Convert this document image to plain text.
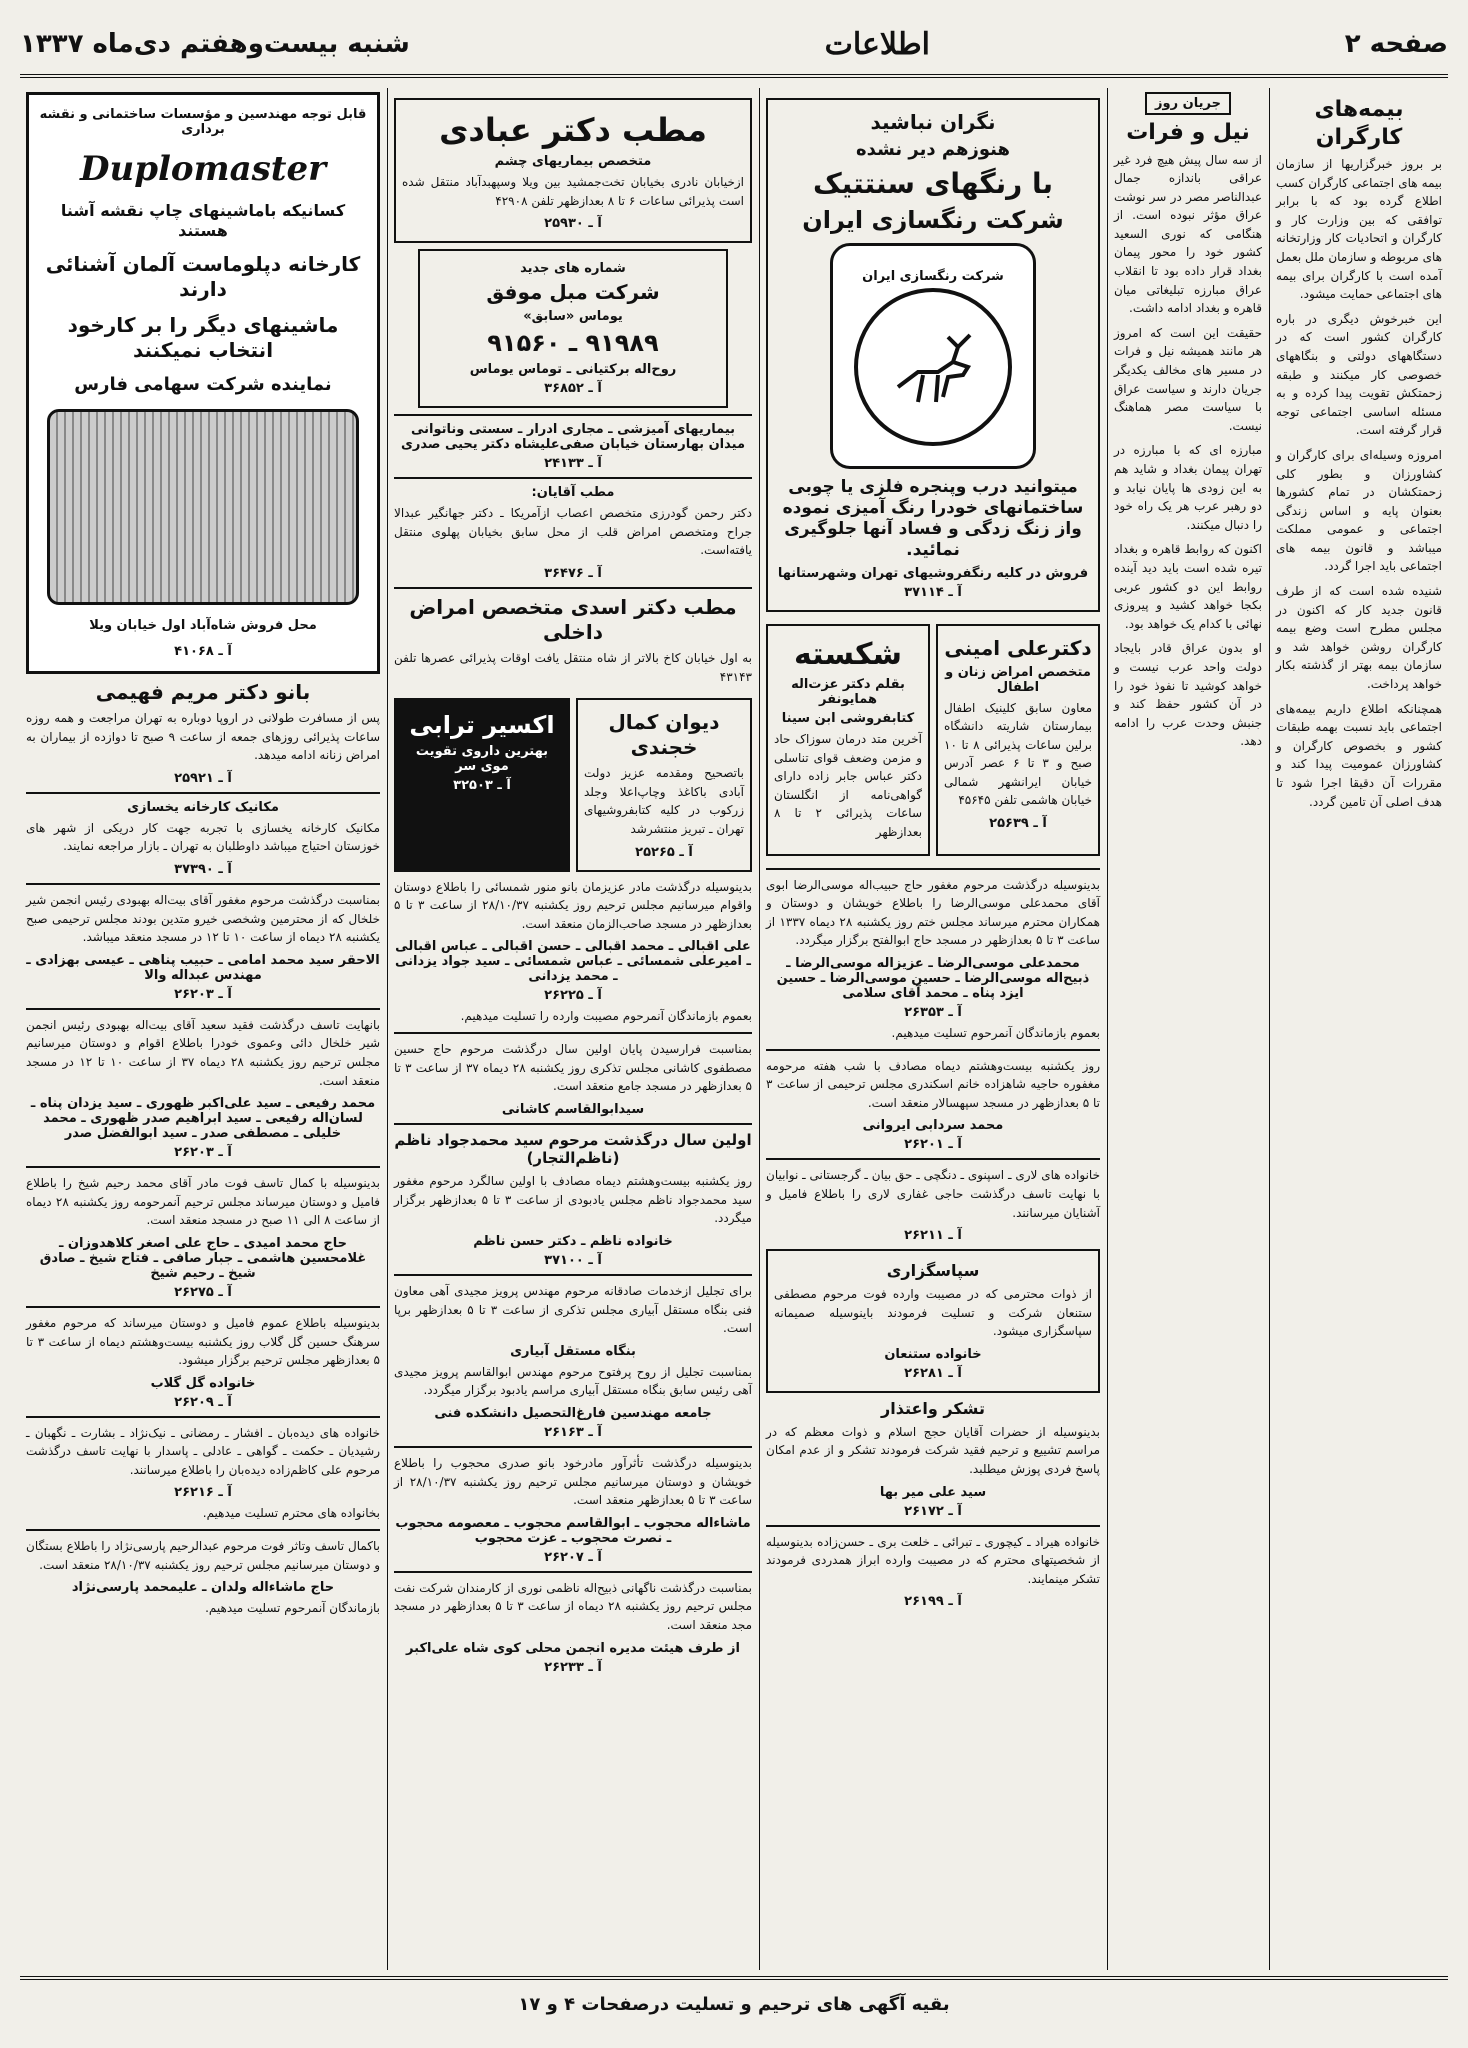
صفحه ۲
اطلاعات
شنبه بیست‌وهفتم دی‌ماه ۱۳۳۷
بیمه‌های کارگران

بر بروز خبرگزاریها از سازمان بیمه های اجتماعی کارگران کسب اطلاع گرده بود که با برابر توافقی که بین وزارت کار و کارگران و اتحادیات کار وزارتخانه های مربوطه و سازمان ملل بعمل آمده است با کارگران برای بیمه های اجتماعی حمایت میشود.

این خبرخوش دیگری در باره کارگران کشور است که در دستگاههای دولتی و بنگاههای خصوصی کار میکنند و طبقه زحمتکش تقویت پیدا کرده و به مسئله اساسی اجتماعی توجه قرار گرفته است.

امروزه وسیله‌ای برای کارگران و کشاورزان و بطور کلی زحمتکشان در تمام کشورها بعنوان پایه و اساس زندگی اجتماعی و عمومی مملکت میباشد و قانون بیمه های اجتماعی باید اجرا گردد.

شنیده شده است که از طرف قانون جدید کار که اکنون در مجلس مطرح است وضع بیمه کارگران روشن خواهد شد و سازمان بیمه بهتر از گذشته بکار خواهد پرداخت.

همچنانکه اطلاع داریم بیمه‌های اجتماعی باید نسبت بهمه طبقات کشور و بخصوص کارگران و کشاورزان عمومیت پیدا کند و مقررات آن دقیقا اجرا شود تا هدف اصلی آن تامین گردد.

جریان روز
نیل و فرات

از سه سال پیش هیچ فرد غیر عراقی باندازه جمال عبدالناصر مصر در سر نوشت عراق مؤثر نبوده است. از هنگامی که نوری السعید کشور خود را محور پیمان بغداد قرار داده بود تا انقلاب عراق مبارزه تبلیغاتی میان قاهره و بغداد ادامه داشت.

حقیقت این است که امروز هر مانند همیشه نیل و فرات در مسیر های مخالف یکدیگر جریان دارند و سیاست عراق با سیاست مصر هماهنگ نیست.

مبارزه ای که با مبارزه در تهران پیمان بغداد و شاید هم به این زودی ها پایان نیابد و دو رهبر عرب هر یک راه خود را دنبال میکنند.

اکنون که روابط قاهره و بغداد تیره شده است باید دید آینده روابط این دو کشور عربی بکجا خواهد کشید و پیروزی نهائی با کدام یک خواهد بود.

او بدون عراق قادر بایجاد دولت واحد عرب نیست و خواهد کوشید تا نفوذ خود را در آن کشور حفظ کند و جنبش وحدت عرب را ادامه دهد.

نگران نباشید
هنوزهم دیر نشده
با رنگهای سنتتیک
شرکت رنگسازی ایران
شرکت رنگسازی ایران
میتوانید درب وپنجره فلزی یا چوبی ساختمانهای خودرا رنگ آمیزی نموده واز زنگ زدگی و فساد آنها جلوگیری نمائید.
فروش در کلیه رنگفروشیهای تهران وشهرستانها
آ ـ ۳۷۱۱۴
دکترعلی امینی
متخصص امراض زنان و اطفال

معاون سابق کلینیک اطفال بیمارستان شاریته دانشگاه برلین ساعات پذیرائی ۸ تا ۱۰ صبح و ۳ تا ۶ عصر آدرس خیابان ایرانشهر شمالی خیابان هاشمی تلفن ۴۵۶۴۵

آ ـ ۲۵۶۳۹
شکسته
بقلم دکتر عزت‌اله همایونفر
کتابفروشی ابن سینا

آخرین متد درمان سوزاک حاد و مزمن وضعف قوای تناسلی دکتر عباس جابر زاده دارای گواهی‌نامه از انگلستان ساعات پذیرائی ۲ تا ۸ بعدازظهر

بدینوسیله درگذشت مرحوم مغفور حاج حبیب‌اله موسی‌الرضا ابوی آقای محمدعلی موسی‌الرضا را باطلاع خویشان و دوستان و همکاران محترم میرساند مجلس ختم روز یکشنبه ۲۸ دیماه ۱۳۳۷ از ساعت ۳ تا ۵ بعدازظهر در مسجد حاج ابوالفتح برگزار میگردد.

محمدعلی موسی‌الرضا ـ عزیزاله موسی‌الرضا ـ ذبیح‌اله موسی‌الرضا ـ حسین موسی‌الرضا ـ حسین ایزد پناه ـ محمد آقای سلامی
آ ـ ۲۶۳۵۳

بعموم بازماندگان آنمرحوم تسلیت میدهیم.

روز یکشنبه بیست‌وهشتم دیماه مصادف با شب هفته مرحومه مغفوره حاجیه شاهزاده خانم اسکندری مجلس ترحیمی از ساعت ۳ تا ۵ بعدازظهر در مسجد سپهسالار منعقد است.

محمد سردابی ایروانی
آ ـ ۲۶۲۰۱

خانواده های لاری ـ اسپنوی ـ دنگچی ـ حق بیان ـ گرجستانی ـ نوابیان با نهایت تاسف درگذشت حاجی غفاری لاری را باطلاع فامیل و آشنایان میرسانند.

آ ـ ۲۶۲۱۱
سپاسگزاری

از ذوات محترمی که در مصیبت وارده فوت مرحوم مصطفی ستنعان شرکت و تسلیت فرمودند باینوسیله صمیمانه سپاسگزاری میشود.

خانواده ستنعان
آ ـ ۲۶۲۸۱
تشکر واعتذار

بدینوسیله از حضرات آقایان حجج اسلام و ذوات معظم که در مراسم تشییع و ترحیم فقید شرکت فرمودند تشکر و از عدم امکان پاسخ فردی پوزش میطلبد.

سید علی میر بها
آ ـ ۲۶۱۷۲

خانواده هیراد ـ کیچوری ـ تبرائی ـ خلعت بری ـ حسن‌زاده بدینوسیله از شخصیتهای محترم که در مصیبت وارده ابراز همدردی فرمودند تشکر مینمایند.

آ ـ ۲۶۱۹۹
مطب دکتر عبادی
متخصص بیماریهای چشم

ازخیابان نادری بخیابان تخت‌جمشید بین ویلا وسپهبدآباد منتقل شده است پذیرائی ساعات ۶ تا ۸ بعدازظهر تلفن ۴۲۹۰۸

آ ـ ۲۵۹۳۰
شماره های جدید
شرکت مبل موفق
یوماس «سابق»
۹۱۹۸۹ ـ ۹۱۵۶۰
روح‌اله برکتیانی ـ توماس یوماس
آ ـ ۳۶۸۵۲
بیماریهای آمیزشی ـ مجاری ادرار ـ سستی وناتوانی میدان بهارستان خیابان صفی‌علیشاه دکتر یحیی صدری
آ ـ ۲۴۱۳۳
مطب آقایان:

دکتر رحمن گودرزی متخصص اعصاب ازآمریکا ـ دکتر جهانگیر عبدالا جراح ومتخصص امراض قلب از محل سابق بخیابان پهلوی منتقل یافته‌است.

آ ـ ۳۶۴۷۶
مطب دکتر اسدی متخصص امراض داخلی

به اول خیابان کاخ بالاتر از شاه منتقل یافت اوقات پذیرائی عصرها تلفن ۴۳۱۴۳

دیوان کمال خجندی

باتصحیح ومقدمه عزیز دولت آبادی باکاغذ وچاپ‌اعلا وجلد زرکوب در کلیه کتابفروشیهای تهران ـ تبریز منتشرشد

آ ـ ۲۵۲۶۵
اکسیر ترابی
بهترین داروی تقویت موی سر
آ ـ ۳۲۵۰۳

بدینوسیله درگذشت مادر عزیزمان بانو منور شمسائی را باطلاع دوستان واقوام میرسانیم مجلس ترحیم روز یکشنبه ۲۸/۱۰/۳۷ از ساعت ۳ تا ۵ بعدازظهر در مسجد صاحب‌الزمان منعقد است.

علی اقبالی ـ محمد اقبالی ـ حسن اقبالی ـ عباس اقبالی ـ امیرعلی شمسائی ـ عباس شمسائی ـ سید جواد یزدانی ـ محمد یزدانی
آ ـ ۲۶۲۲۵

بعموم بازماندگان آنمرحوم مصیبت وارده را تسلیت میدهیم.

بمناسبت فرارسیدن پایان اولین سال درگذشت مرحوم حاج حسین مصطفوی کاشانی مجلس تذکری روز یکشنبه ۲۸ دیماه ۳۷ از ساعت ۳ تا ۵ بعدازظهر در مسجد جامع منعقد است.

سیدابوالقاسم کاشانی
اولین سال درگذشت مرحوم سید محمدجواد ناظم (ناظم‌التجار)

روز یکشنبه بیست‌وهشتم دیماه مصادف با اولین سالگرد مرحوم مغفور سید محمدجواد ناظم مجلس یادبودی از ساعت ۳ تا ۵ بعدازظهر برگزار میگردد.

خانواده ناظم ـ دکتر حسن ناظم
آ ـ ۳۷۱۰۰

برای تجلیل ازخدمات صادقانه مرحوم مهندس پرویز مجیدی آهی معاون فنی بنگاه مستقل آبیاری مجلس تذکری از ساعت ۳ تا ۵ بعدازظهر برپا است.

بنگاه مستقل آبیاری

بمناسبت تجلیل از روح پرفتوح مرحوم مهندس ابوالقاسم پرویز مجیدی آهی رئیس سابق بنگاه مستقل آبیاری مراسم یادبود برگزار میگردد.

جامعه مهندسین فارغ‌التحصیل دانشکده فنی
آ ـ ۲۶۱۶۳

بدینوسیله درگذشت تأثرآور مادرخود بانو صدری محجوب را باطلاع خویشان و دوستان میرسانیم مجلس ترحیم روز یکشنبه ۲۸/۱۰/۳۷ از ساعت ۳ تا ۵ بعدازظهر منعقد است.

ماشاءاله محجوب ـ ابوالقاسم محجوب ـ معصومه محجوب ـ نصرت محجوب ـ عزت محجوب
آ ـ ۲۶۲۰۷

بمناسبت درگذشت ناگهانی ذبیح‌اله ناظمی نوری از کارمندان شرکت نفت مجلس ترحیم روز یکشنبه ۲۸ دیماه از ساعت ۳ تا ۵ بعدازظهر در مسجد مجد منعقد است.

از طرف هیئت مدیره انجمن محلی کوی شاه علی‌اکبر
آ ـ ۲۶۲۳۳
قابل توجه مهندسین و مؤسسات ساختمانی و نقشه برداری
Duplomaster
کسانیکه باماشینهای چاپ نقشه آشنا هستند
کارخانه دپلوماست آلمان آشنائی دارند
ماشینهای دیگر را بر کارخود انتخاب نمیکنند
نماینده شرکت سهامی فارس
محل فروش شاه‌آباد اول خیابان ویلا
آ ـ ۴۱۰۶۸
بانو دکتر مریم فهیمی

پس از مسافرت طولانی در اروپا دوباره به تهران مراجعت و همه روزه ساعات پذیرائی روزهای جمعه از ساعت ۹ صبح تا دوازده از بیماران به امراض زنانه ادامه میدهد.

آ ـ ۲۵۹۲۱
مکانیک کارخانه یخسازی

مکانیک کارخانه یخسازی با تجربه جهت کار دریکی از شهر های خوزستان احتیاج میباشد داوطلبان به تهران ـ بازار مراجعه نمایند.

آ ـ ۳۷۳۹۰

بمناسبت درگذشت مرحوم مغفور آقای بیت‌اله بهبودی رئیس انجمن شیر خلخال که از محترمین وشخصی خیرو متدین بودند مجلس ترحیمی صبح یکشنبه ۲۸ دیماه از ساعت ۱۰ تا ۱۲ در مسجد منعقد میباشد.

الاحقر سید محمد امامی ـ حبیب پناهی ـ عیسی بهزادی ـ مهندس عبداله والا
آ ـ ۲۶۲۰۳

بانهایت تاسف درگذشت فقید سعید آقای بیت‌اله بهبودی رئیس انجمن شیر خلخال دائی وعموی خودرا باطلاع اقوام و دوستان میرسانیم مجلس ترحیم روز یکشنبه ۲۸ دیماه ۳۷ از ساعت ۱۰ تا ۱۲ در مسجد منعقد است.

محمد رفیعی ـ سید علی‌اکبر ظهوری ـ سید یزدان پناه ـ لسان‌اله رفیعی ـ سید ابراهیم صدر ظهوری ـ محمد خلیلی ـ مصطفی صدر ـ سید ابوالفضل صدر
آ ـ ۲۶۲۰۳

بدینوسیله با کمال تاسف فوت مادر آقای محمد رحیم شیخ را باطلاع فامیل و دوستان میرساند مجلس ترحیم آنمرحومه روز یکشنبه ۲۸ دیماه از ساعت ۸ الی ۱۱ صبح در مسجد منعقد است.

حاج محمد امیدی ـ حاج علی اصغر کلاهدوزان ـ غلامحسین هاشمی ـ جبار صافی ـ فتاح شیخ ـ صادق شیخ ـ رحیم شیخ
آ ـ ۲۶۲۷۵

بدینوسیله باطلاع عموم فامیل و دوستان میرساند که مرحوم مغفور سرهنگ حسین گل گلاب روز یکشنبه بیست‌وهشتم دیماه از ساعت ۳ تا ۵ بعدازظهر مجلس ترحیم برگزار میشود.

خانواده گل گلاب
آ ـ ۲۶۲۰۹

خانواده های دیده‌بان ـ افشار ـ رمضانی ـ نیک‌نژاد ـ بشارت ـ نگهبان ـ رشیدیان ـ حکمت ـ گواهی ـ عادلی ـ پاسدار با نهایت تاسف درگذشت مرحوم علی کاظم‌زاده دیده‌بان را باطلاع میرسانند.

آ ـ ۲۶۲۱۶

بخانواده های محترم تسلیت میدهیم.

باکمال تاسف وتاثر فوت مرحوم عبدالرحیم پارسی‌نژاد را باطلاع بستگان و دوستان میرسانیم مجلس ترحیم روز یکشنبه ۲۸/۱۰/۳۷ منعقد است.

حاج ماشاءاله ولدان ـ علیمحمد پارسی‌نژاد

بازماندگان آنمرحوم تسلیت میدهیم.

بقیه آگهی های ترحیم و تسلیت درصفحات ۴ و ۱۷
